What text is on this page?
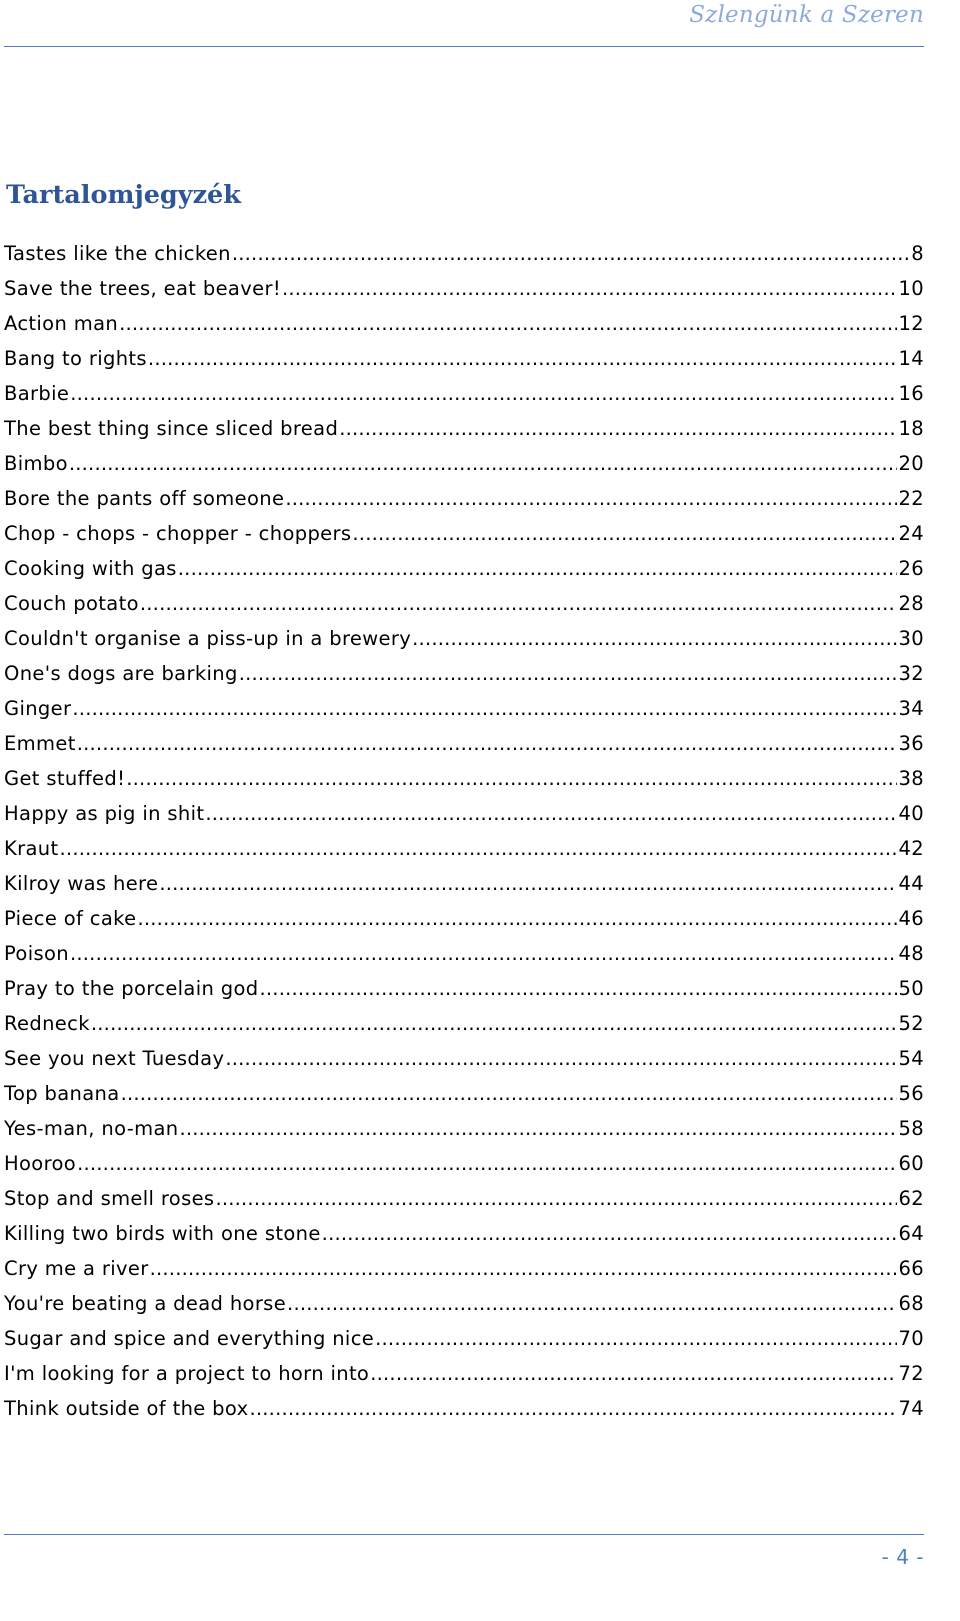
Szlengünk a Szeren
Tartalomjegyzék
Tastes like the chicken .....	8
Save the trees, eat beaver! .....	10
Action man .....	12
Bang to rights .....	14
Barbie .....	16
The best thing since sliced bread .....	18
Bimbo .....	20
Bore the pants off someone .....	22
Chop - chops - chopper - choppers .....	24
Cooking with gas .....	26
Couch potato .....	28
Couldn't organise a piss-up in a brewery .....	30
One's dogs are barking .....	32
Ginger .....	34
Emmet .....	36
Get stuffed! .....	38
Happy as pig in shit .....	40
Kraut .....	42
Kilroy was here .....	44
Piece of cake .....	46
Poison .....	48
Pray to the porcelain god .....	50
Redneck .....	52
See you next Tuesday .....	54
Top banana .....	56
Yes-man, no-man .....	58
Hooroo .....	60
Stop and smell roses .....	62
Killing two birds with one stone .....	64
Cry me a river .....	66
You're beating a dead horse .....	68
Sugar and spice and everything nice .....	70
I'm looking for a project to horn into .....	72
Think outside of the box .....	74
- 4 -
